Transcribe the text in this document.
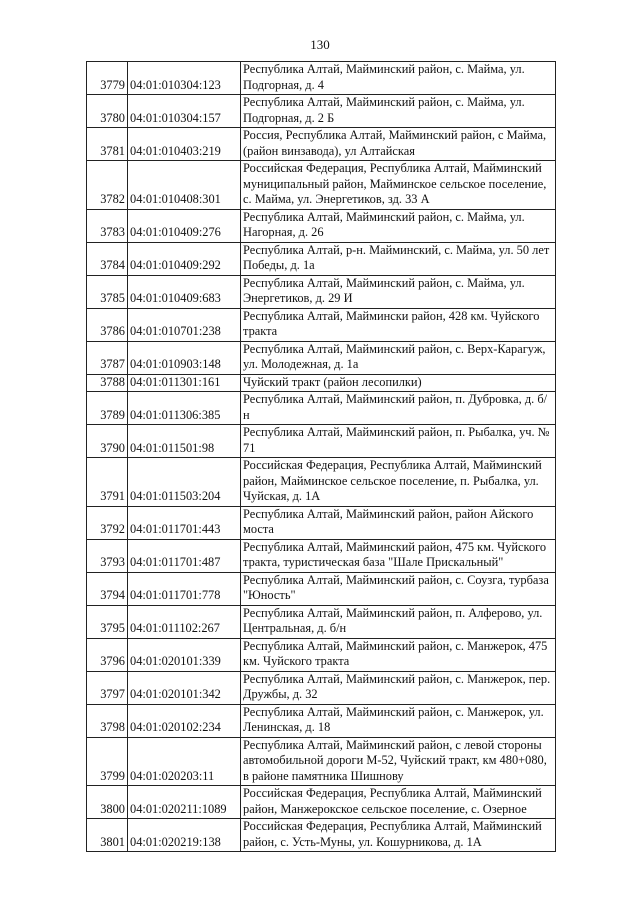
130
3779	04:01:010304:123	Республика Алтай, Майминский район, с. Майма, ул. Подгорная, д. 4
3780	04:01:010304:157	Республика Алтай, Майминский район, с. Майма, ул. Подгорная, д. 2 Б
3781	04:01:010403:219	Россия, Республика Алтай, Майминский район, с Майма, (район винзавода), ул Алтайская
3782	04:01:010408:301	Российская Федерация, Республика Алтай, Майминский муниципальный район, Майминское сельское поселение, с. Майма, ул. Энергетиков, зд. 33 А
3783	04:01:010409:276	Республика Алтай, Майминский район, с. Майма, ул. Нагорная, д. 26
3784	04:01:010409:292	Республика Алтай, р-н. Майминский, с. Майма, ул. 50 лет Победы, д. 1а
3785	04:01:010409:683	Республика Алтай, Майминский район, с. Майма, ул. Энергетиков, д. 29 И
3786	04:01:010701:238	Республика Алтай, Маймински район, 428 км. Чуйского тракта
3787	04:01:010903:148	Республика Алтай, Майминский район, с. Верх-Карагуж, ул. Молодежная, д. 1а
3788	04:01:011301:161	Чуйский тракт (район лесопилки)
3789	04:01:011306:385	Республика Алтай, Майминский район, п. Дубровка, д. б/н
3790	04:01:011501:98	Республика Алтай, Майминский район, п. Рыбалка, уч. № 71
3791	04:01:011503:204	Российская Федерация, Республика Алтай, Майминский район, Майминское сельское поселение, п. Рыбалка, ул. Чуйская, д. 1А
3792	04:01:011701:443	Республика Алтай, Майминский район, район Айского моста
3793	04:01:011701:487	Республика Алтай, Майминский район, 475 км. Чуйского тракта, туристическая база "Шале Прискальный"
3794	04:01:011701:778	Республика Алтай, Майминский район, с. Соузга, турбаза "Юность"
3795	04:01:011102:267	Республика Алтай, Майминский район, п. Алферово, ул. Центральная, д. б/н
3796	04:01:020101:339	Республика Алтай, Майминский район, с. Манжерок, 475 км. Чуйского тракта
3797	04:01:020101:342	Республика Алтай, Майминский район, с. Манжерок, пер. Дружбы, д. 32
3798	04:01:020102:234	Республика Алтай, Майминский район, с. Манжерок, ул. Ленинская, д. 18
3799	04:01:020203:11	Республика Алтай, Майминский район, с левой стороны автомобильной дороги М-52, Чуйский тракт, км 480+080, в районе памятника Шишнову
3800	04:01:020211:1089	Российская Федерация, Республика Алтай, Майминский район, Манжерокское сельское поселение, с. Озерное
3801	04:01:020219:138	Российская Федерация, Республика Алтай, Майминский район, с. Усть-Муны, ул. Кошурникова, д. 1А
